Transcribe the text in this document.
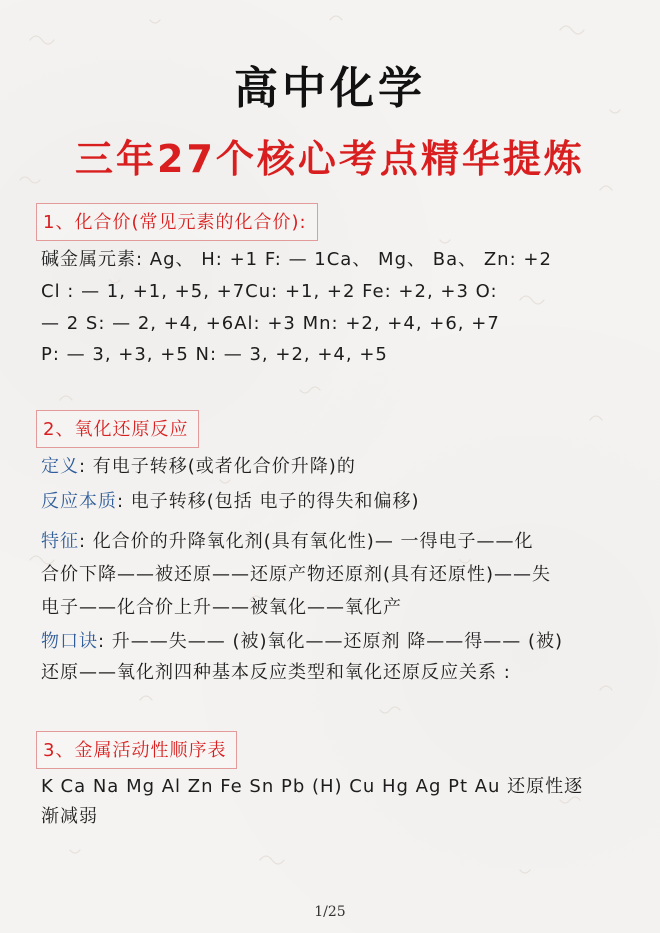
高中化学
三年27个核心考点精华提炼
1、化合价(常见元素的化合价):
碱金属元素: Ag、 H: +1 F: — 1Ca、 Mg、 Ba、 Zn: +2
Cl : — 1, +1, +5, +7Cu: +1, +2 Fe: +2, +3 O:
— 2 S: — 2, +4, +6Al: +3 Mn: +2, +4, +6, +7
P: — 3, +3, +5 N: — 3, +2, +4, +5
2、氧化还原反应
定义: 有电子转移(或者化合价升降)的
反应本质: 电子转移(包括 电子的得失和偏移)
特征: 化合价的升降氧化剂(具有氧化性)— 一得电子——化
合价下降——被还原——还原产物还原剂(具有还原性)——失
电子——化合价上升——被氧化——氧化产
物口诀: 升——失—— (被)氧化——还原剂 降——得—— (被)
还原——氧化剂四种基本反应类型和氧化还原反应关系 :
3、金属活动性顺序表
K Ca Na Mg Al Zn Fe Sn Pb (H) Cu Hg Ag Pt Au 还原性逐
渐减弱
1/25
